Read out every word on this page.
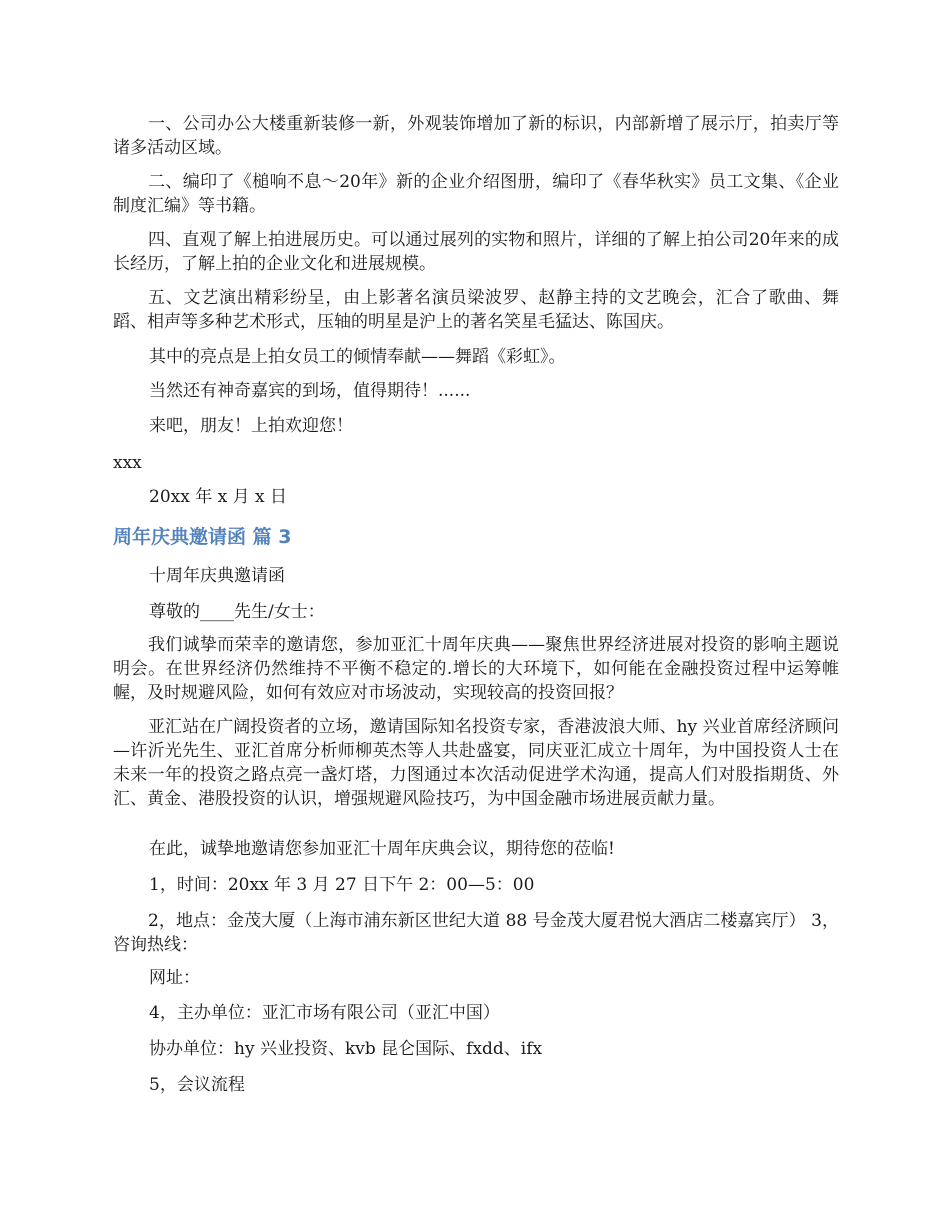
一、公司办公大楼重新装修一新，外观装饰增加了新的标识，内部新增了展示厅，拍卖厅等诸多活动区域。
二、编印了《槌响不息～20年》新的企业介绍图册，编印了《春华秋实》员工文集、《企业制度汇编》等书籍。
四、直观了解上拍进展历史。可以通过展列的实物和照片，详细的了解上拍公司20年来的成长经历，了解上拍的企业文化和进展规模。
五、文艺演出精彩纷呈，由上影著名演员梁波罗、赵静主持的文艺晚会，汇合了歌曲、舞蹈、相声等多种艺术形式，压轴的明星是沪上的著名笑星毛猛达、陈国庆。
其中的亮点是上拍女员工的倾情奉献——舞蹈《彩虹》。
当然还有神奇嘉宾的到场，值得期待！......
来吧，朋友！上拍欢迎您！
xxx
20xx 年 x 月 x 日
周年庆典邀请函 篇 3
十周年庆典邀请函
尊敬的____先生/女士：
我们诚挚而荣幸的邀请您，参加亚汇十周年庆典——聚焦世界经济进展对投资的影响主题说明会。在世界经济仍然维持不平衡不稳定的.增长的大环境下，如何能在金融投资过程中运筹帷幄，及时规避风险，如何有效应对市场波动，实现较高的投资回报？
亚汇站在广阔投资者的立场，邀请国际知名投资专家，香港波浪大师、hy 兴业首席经济顾问—许沂光先生、亚汇首席分析师柳英杰等人共赴盛宴，同庆亚汇成立十周年，为中国投资人士在未来一年的投资之路点亮一盏灯塔，力图通过本次活动促进学术沟通，提高人们对股指期货、外汇、黄金、港股投资的认识，增强规避风险技巧，为中国金融市场进展贡献力量。
在此，诚挚地邀请您参加亚汇十周年庆典会议，期待您的莅临!
1，时间：20xx 年 3 月 27 日下午 2：00—5：00
2，地点：金茂大厦（上海市浦东新区世纪大道 88 号金茂大厦君悦大酒店二楼嘉宾厅） 3，咨询热线：
网址：
4，主办单位：亚汇市场有限公司（亚汇中国）
协办单位：hy 兴业投资、kvb 昆仑国际、fxdd、ifx
5，会议流程
